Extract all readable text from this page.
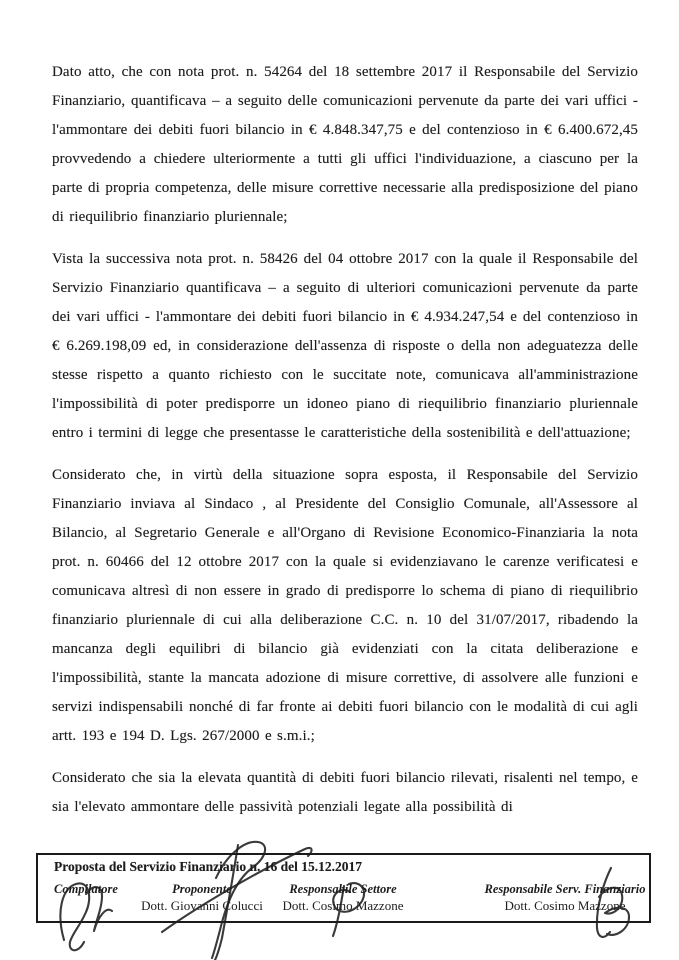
Dato atto, che con nota prot. n. 54264 del 18 settembre 2017 il Responsabile del Servizio Finanziario, quantificava – a seguito delle comunicazioni pervenute da parte dei vari uffici - l'ammontare dei debiti fuori bilancio in € 4.848.347,75 e del contenzioso in € 6.400.672,45 provvedendo a chiedere ulteriormente a tutti gli uffici l'individuazione, a ciascuno per la parte di propria competenza, delle misure correttive necessarie alla predisposizione del piano di riequilibrio finanziario pluriennale;

Vista la successiva nota prot. n. 58426 del 04 ottobre 2017 con la quale il Responsabile del Servizio Finanziario quantificava – a seguito di ulteriori comunicazioni pervenute da parte dei vari uffici - l'ammontare dei debiti fuori bilancio in € 4.934.247,54 e del contenzioso in € 6.269.198,09 ed, in considerazione dell'assenza di risposte o della non adeguatezza delle stesse rispetto a quanto richiesto con le succitate note, comunicava all'amministrazione l'impossibilità di poter predisporre un idoneo piano di riequilibrio finanziario pluriennale entro i termini di legge che presentasse le caratteristiche della sostenibilità e dell'attuazione;

Considerato che, in virtù della situazione sopra esposta, il Responsabile del Servizio Finanziario inviava al Sindaco , al Presidente del Consiglio Comunale, all'Assessore al Bilancio, al Segretario Generale e all'Organo di Revisione Economico-Finanziaria la nota prot. n. 60466 del 12 ottobre 2017 con la quale si evidenziavano le carenze verificatesi e comunicava altresì di non essere in grado di predisporre lo schema di piano di riequilibrio finanziario pluriennale di cui alla deliberazione C.C. n. 10 del 31/07/2017, ribadendo la mancanza degli equilibri di bilancio già evidenziati con la citata deliberazione e l'impossibilità, stante la mancata adozione di misure correttive, di assolvere alle funzioni e servizi indispensabili nonché di far fronte ai debiti fuori bilancio con le modalità di cui agli artt. 193 e 194 D. Lgs. 267/2000 e s.m.i.;

Considerato che sia la elevata quantità di debiti fuori bilancio rilevati, risalenti nel tempo, e sia l'elevato ammontare delle passività potenziali legate alla possibilità di

Proposta del Servizio Finanziario n. 16 del 15.12.2017
Compilatore	Proponente
Dott. Giovanni Colucci
Responsabile Settore
Dott. Cosimo Mazzone
Responsabile Serv. Finanziario
Dott. Cosimo Mazzone
